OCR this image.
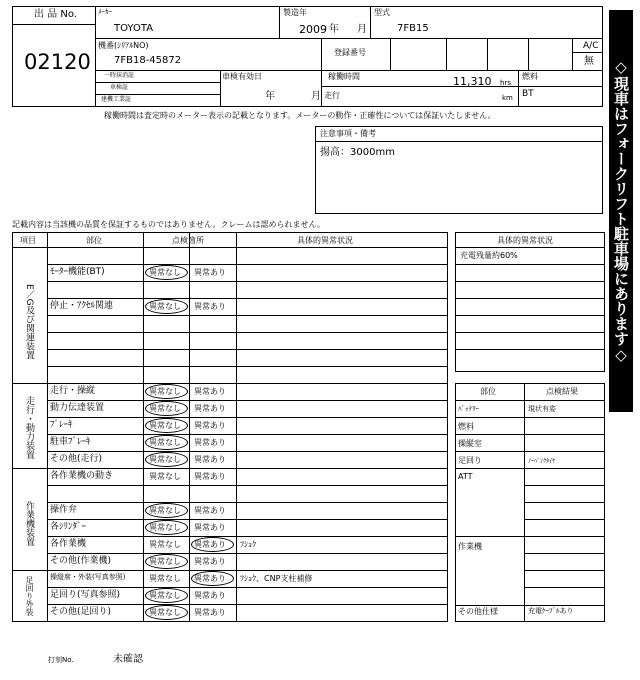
出 品 No.
02120
ﾒｰｶｰ
TOYOTA
製造年
2009 年 月
型式
7FB15
機番(ｼﾘｱﾙNO)
7FB18-45872
登録番号
A/C
無
一時抹消証
車検証
建機工業証
車検有効日
年	月
稼働時間	11,310 hrs
走行	km
燃料
BT
稼働時間は査定時のメーター表示の記載となります。メーターの動作・正確性については保証いたしません。
注意事項・備考
揚高：3000mm	◇現車はフォークリフト駐車場にあります◇
記載内容は当該機の品質を保証するものではありません。クレームは認められません。
項目	部位	点検箇所	具体的異常状況
E／G及び関連装置
走行・動力装置
作業機装置
足回り外装
ﾓｰﾀｰ機能(BT)	異常なし 異常あり
停止・ｱｸｾﾙ関連	異常なし 異常あり
走行・操縦	異常なし 異常あり
動力伝達装置	異常なし 異常あり
ﾌﾞﾚｰｷ	異常なし 異常あり
駐車ﾌﾞﾚｰｷ	異常なし 異常あり
その他(走行)	異常なし 異常あり
各作業機の動き	異常なし 異常あり
操作弁	異常なし 異常あり
各ｼﾘﾝﾀﾞｰ	異常なし 異常あり
各作業機	異常なし 異常あり ﾌｼｮｸ
その他(作業機)	異常なし 異常あり
操縦席・外装(写真参照)	異常なし 異常あり ﾌｼｮｸ、CNP支柱補修
足回り(写真参照)	異常なし 異常あり
その他(足回り)	異常なし 異常あり
具体的異常状況
充電残量約60%
部位	点検結果
ﾊﾞｯﾃﾘｰ	現状有姿
燃料
操縦室
足回り	ﾉｰﾊﾟﾝｸﾀｲﾔ
ATT
作業機
その他仕様	充電ｹｰﾌﾞﾙあり
打刻No.	未確認
